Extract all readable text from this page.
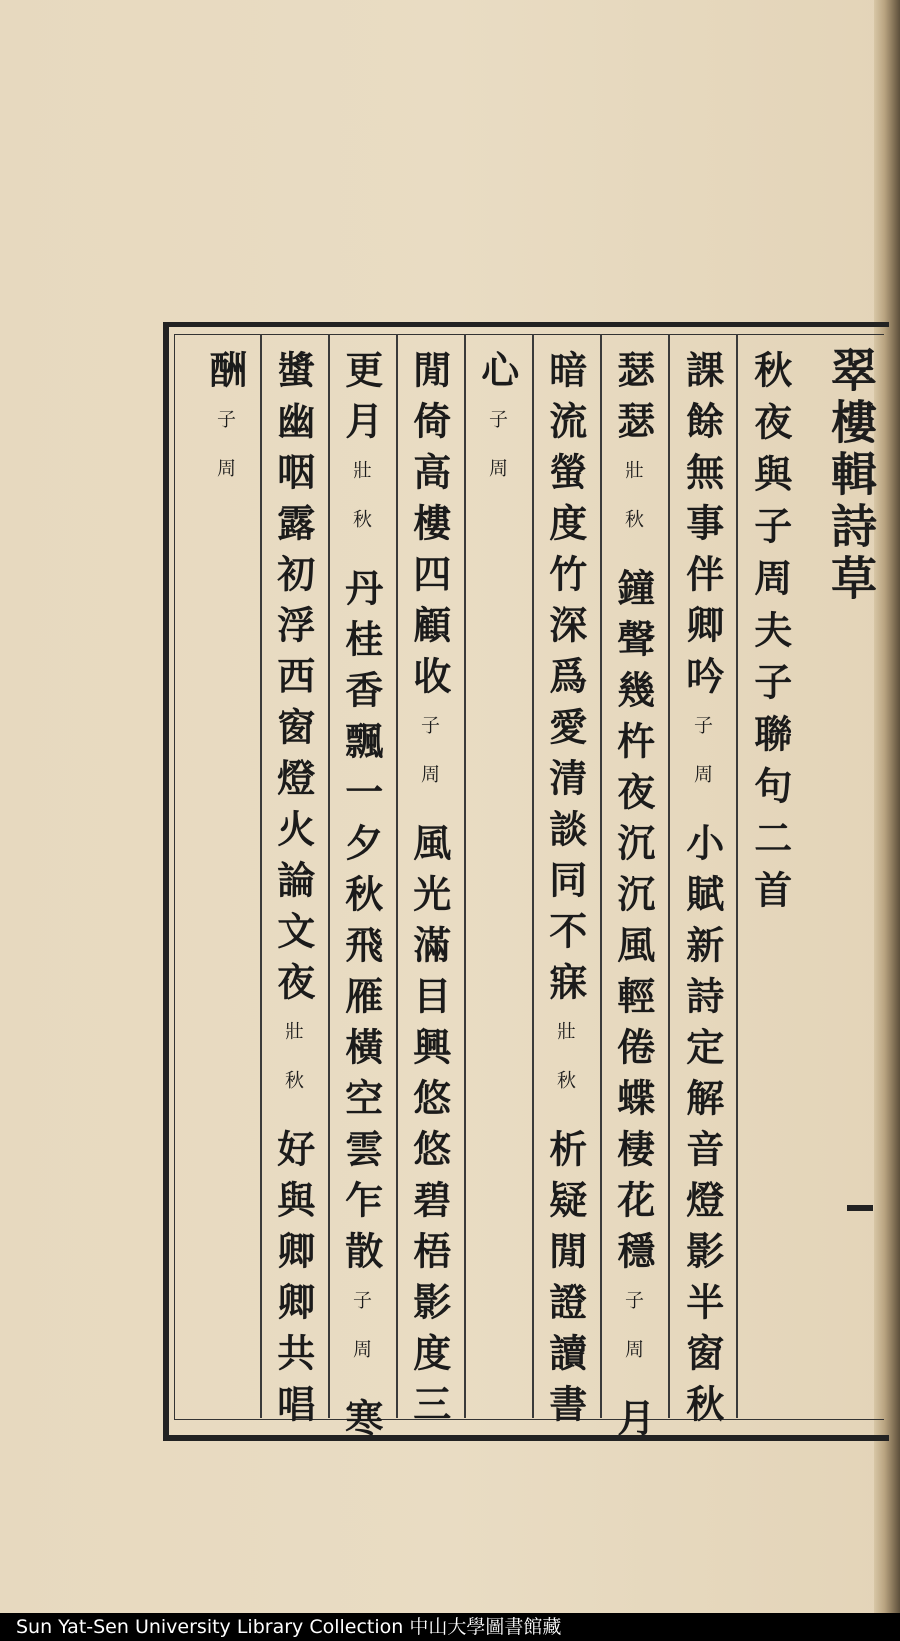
翠樓輯詩草
秋夜與子周夫子聯句二首
課餘無事伴卿吟
子周
小賦新詩定解音燈影半窗秋
瑟瑟
壯秋
鐘聲幾杵夜沉沉風輕倦蝶棲花穩
子周
月
暗流螢度竹深爲愛清談同不寐
壯秋
析疑閒證讀書
心
子周
閒倚高樓四顧收
子周
風光滿目興悠悠碧梧影度三
更月
壯秋
丹桂香飄一夕秋飛雁橫空雲乍散
子周
寒
螿幽咽露初浮西窗燈火論文夜
壯秋
好與卿卿共唱
酬
子周
Sun Yat-Sen University Library Collection 中山大學圖書館藏
